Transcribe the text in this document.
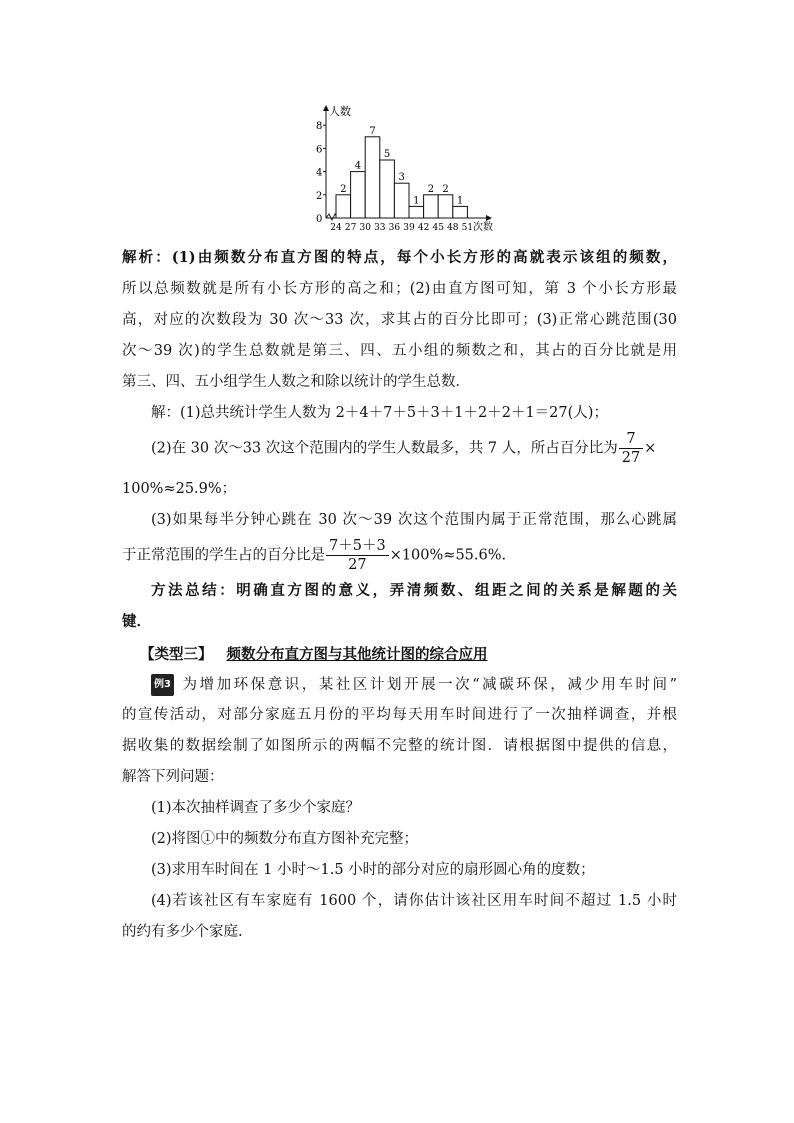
人数
次数
0
2
4
6
8
24 27 30 33 36 39 42 45 48 51
2
4
7
5
3
1
2 2
1
解析：(1)由频数分布直方图的特点，每个小长方形的高就表示该组的频数，
所以总频数就是所有小长方形的高之和；(2)由直方图可知，第 3 个小长方形最
高，对应的次数段为 30 次～33 次，求其占的百分比即可；(3)正常心跳范围(30
次～39 次)的学生总数就是第三、四、五小组的频数之和，其占的百分比就是用
第三、四、五小组学生人数之和除以统计的学生总数．
解：(1)总共统计学生人数为 2＋4＋7＋5＋3＋1＋2＋2＋1＝27(人)；
(2)在 30 次～33 次这个范围内的学生人数最多，共 7 人，所占百分比为 $\frac{7}{27}$ ×
100%≈25.9%；
(3)如果每半分钟心跳在 30 次～39 次这个范围内属于正常范围，那么心跳属
于正常范围的学生占的百分比是 $\frac{7+5+3}{27} \times 100\%\approx 55.6\%$.
方法总结：明确直方图的意义，弄清频数、组距之间的关系是解题的关
键．
【类型三】 频数分布直方图与其他统计图的综合应用
例3 为增加环保意识，某社区计划开展一次“减碳环保，减少用车时间”
的宣传活动，对部分家庭五月份的平均每天用车时间进行了一次抽样调查，并根
据收集的数据绘制了如图所示的两幅不完整的统计图．请根据图中提供的信息，
解答下列问题：
(1)本次抽样调查了多少个家庭？
(2)将图①中的频数分布直方图补充完整；
(3)求用车时间在 1 小时～1.5 小时的部分对应的扇形圆心角的度数；
(4)若该社区有车家庭有 1600 个，请你估计该社区用车时间不超过 1.5 小时
的约有多少个家庭.
